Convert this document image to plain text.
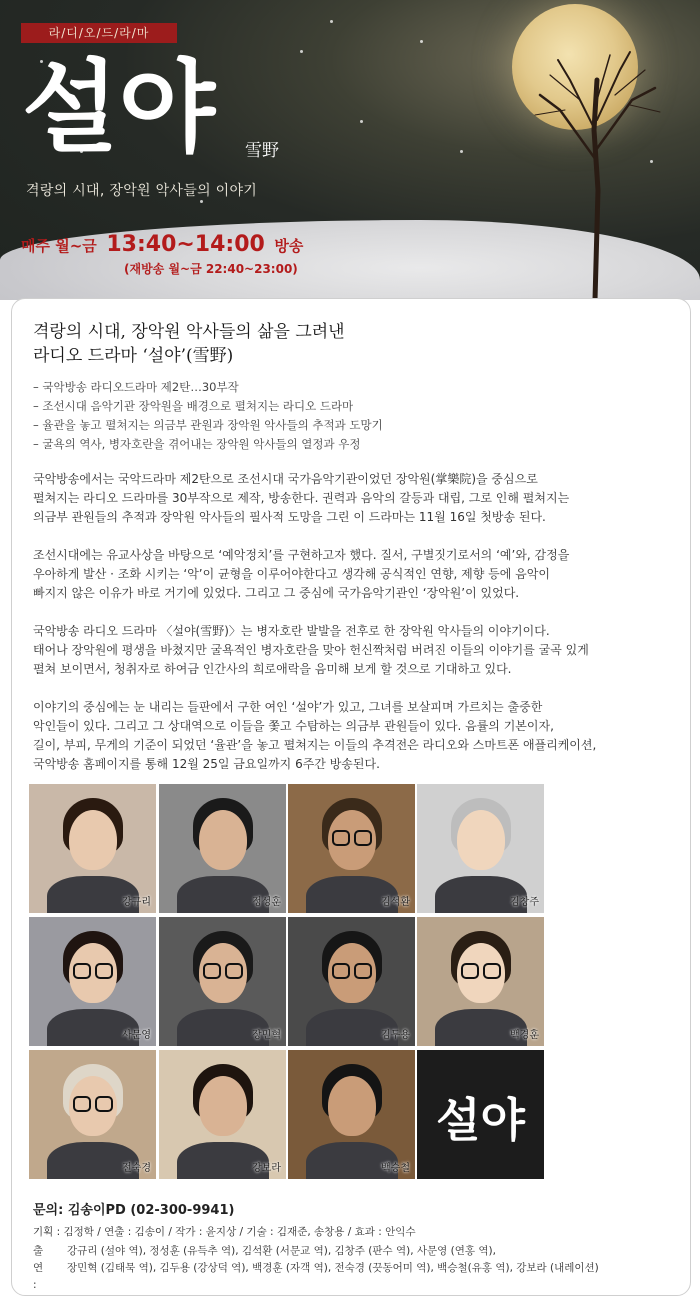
라/디/오/드/라/마
설야 雪野
격랑의 시대, 장악원 악사들의 이야기
매주 월~금 13:40~14:00 방송
(재방송 월~금 22:40~23:00)
격랑의 시대, 장악원 악사들의 삶을 그려낸
라디오 드라마 ‘설야’(雪野)
– 국악방송 라디오드라마 제2탄…30부작
– 조선시대 음악기관 장악원을 배경으로 펼쳐지는 라디오 드라마
– 율관을 놓고 펼쳐지는 의금부 관원과 장악원 악사들의 추적과 도망기
– 굴욕의 역사, 병자호란을 겪어내는 장악원 악사들의 열정과 우정

국악방송에서는 국악드라마 제2탄으로 조선시대 국가음악기관이었던 장악원(掌樂院)을 중심으로
펼쳐지는 라디오 드라마를 30부작으로 제작, 방송한다. 권력과 음악의 갈등과 대립, 그로 인해 펼쳐지는
의금부 관원들의 추적과 장악원 악사들의 필사적 도망을 그린 이 드라마는 11월 16일 첫방송 된다.

조선시대에는 유교사상을 바탕으로 ‘예악정치’를 구현하고자 했다. 질서, 구별짓기로서의 ‘예’와, 감정을
우아하게 발산 · 조화 시키는 ‘악’이 균형을 이루어야한다고 생각해 공식적인 연향, 제향 등에 음악이
빠지지 않은 이유가 바로 거기에 있었다. 그리고 그 중심에 국가음악기관인 ‘장악원’이 있었다.

국악방송 라디오 드라마 〈설야(雪野)〉는 병자호란 발발을 전후로 한 장악원 악사들의 이야기이다.
태어나 장악원에 평생을 바쳤지만 굴욕적인 병자호란을 맞아 헌신짝처럼 버려진 이들의 이야기를 굴곡 있게
펼쳐 보이면서, 청취자로 하여금 인간사의 희로애락을 음미해 보게 할 것으로 기대하고 있다.

이야기의 중심에는 눈 내리는 들판에서 구한 여인 ‘설야’가 있고, 그녀를 보살피며 가르치는 출중한
악인들이 있다. 그리고 그 상대역으로 이들을 쫓고 수탐하는 의금부 관원들이 있다. 음률의 기본이자,
길이, 부피, 무게의 기준이 되었던 ‘율관’을 놓고 펼쳐지는 이들의 추격전은 라디오와 스마트폰 애플리케이션,
국악방송 홈페이지를 통해 12월 25일 금요일까지 6주간 방송된다.

강규리	정성훈	김석환	김창주
사문영	장민혁	김두용	백경훈
전숙경	강보라	백승철
설야
문의: 김송이PD (02-300-9941)
기획 : 김정학 / 연출 : 김송이 / 작가 : 윤지상 / 기술 : 김재준, 송창용 / 효과 : 안익수
출연 :
강규리 (설야 역), 정성훈 (유득추 역), 김석환 (서문교 역), 김창주 (판수 역), 사문영 (연홍 역),
장민혁 (김태묵 역), 김두용 (강상덕 역), 백경훈 (자객 역), 전숙경 (끗동어미 역), 백승철(유홍 역), 강보라 (내레이션)
